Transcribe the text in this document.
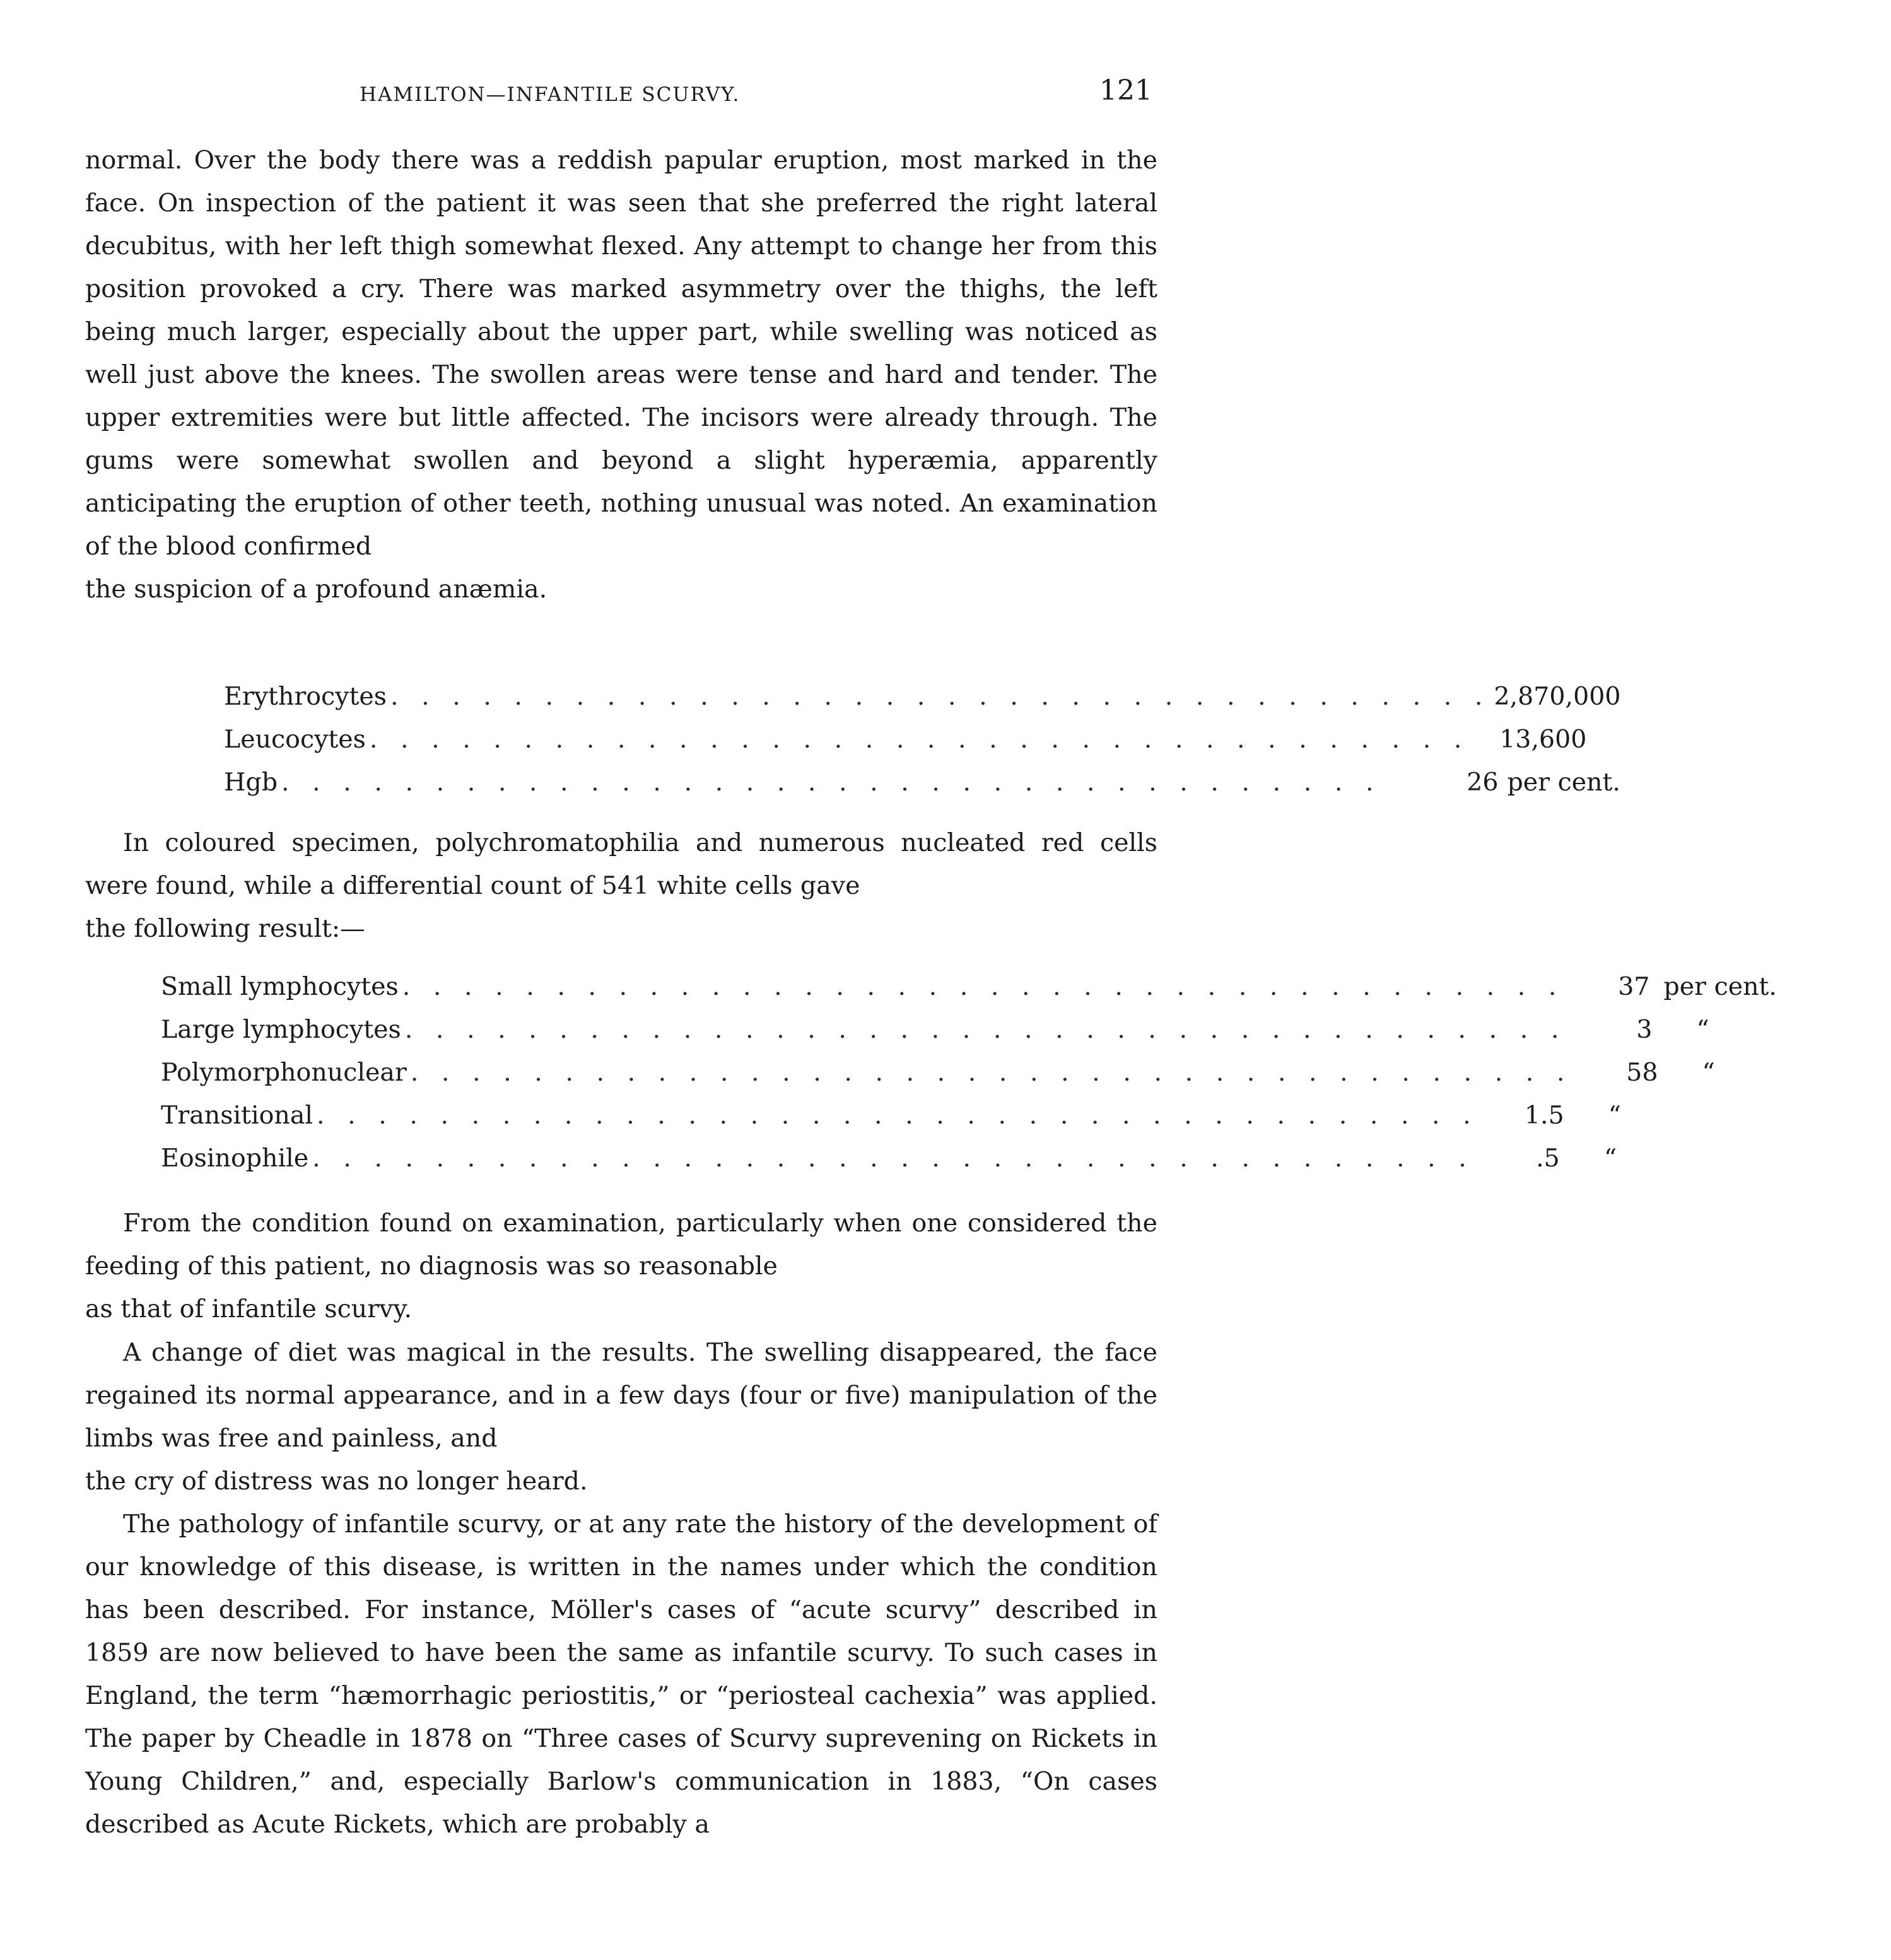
HAMILTON—INFANTILE SCURVY.	121

normal. Over the body there was a reddish papular eruption, most marked in the face. On inspection of the patient it was seen that she preferred the right lateral decubitus, with her left thigh somewhat flexed. Any attempt to change her from this position provoked a cry. There was marked asymmetry over the thighs, the left being much larger, especially about the upper part, while swelling was noticed as well just above the knees. The swollen areas were tense and hard and tender. The upper extremities were but little affected. The incisors were already through. The gums were somewhat swollen and beyond a slight hyperæmia, apparently anticipating the eruption of other teeth, nothing unusual was noted. An examination of the blood confirmed
the suspicion of a profound anæmia.

Erythrocytes . . . . . . . . . . . . . . . . . . . . . . . . . . . . . . . . . . . . 2,870,000
Leucocytes . . . . . . . . . . . . . . . . . . . . . . . . . . . . . . . . . . . .	13,600
Hgb . . . . . . . . . . . . . . . . . . . . . . . . . . . . . . . . . . . .	26 per cent.

In coloured specimen, polychromatophilia and numerous nucleated red cells were found, while a differential count of 541 white cells gave
the following result:—

Small lymphocytes . . . . . . . . . . . . . . . . . . . . . . . . . . . . . . . . . . . . . .	37 per cent.
Large lymphocytes . . . . . . . . . . . . . . . . . . . . . . . . . . . . . . . . . . . . . .	3	“
Polymorphonuclear . . . . . . . . . . . . . . . . . . . . . . . . . . . . . . . . . . . . . .	58	“
Transitional . . . . . . . . . . . . . . . . . . . . . . . . . . . . . . . . . . . . . .	1.5	“
Eosinophile . . . . . . . . . . . . . . . . . . . . . . . . . . . . . . . . . . . . . .	.5	“

From the condition found on examination, particularly when one considered the feeding of this patient, no diagnosis was so reasonable
as that of infantile scurvy.

A change of diet was magical in the results. The swelling disappeared, the face regained its normal appearance, and in a few days (four or five) manipulation of the limbs was free and painless, and
the cry of distress was no longer heard.

The pathology of infantile scurvy, or at any rate the history of the development of our knowledge of this disease, is written in the names under which the condition has been described. For instance, Möller's cases of “acute scurvy” described in 1859 are now believed to have been the same as infantile scurvy. To such cases in England, the term “hæmorrhagic periostitis,” or “periosteal cachexia” was applied. The paper by Cheadle in 1878 on “Three cases of Scurvy suprevening on Rickets in Young Children,” and, especially Barlow's communication in 1883, “On cases described as Acute Rickets, which are probably a
